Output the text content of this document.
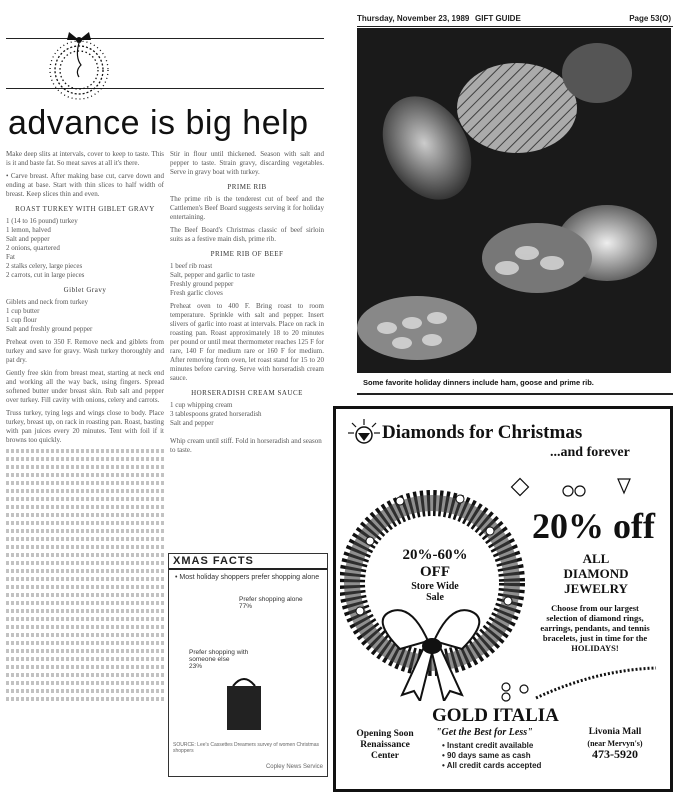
Thursday, November 23, 1989 GIFT GUIDE	Page 53(O)
advance is big help

Make deep slits at intervals, cover to keep to taste. This is it and baste fat. So meat saves at all it's there.

• Carve breast. After making base cut, carve down and ending at base. Start with thin slices to half width of breast. Keep slices thin and even.

ROAST TURKEY WITH GIBLET GRAVY

1 (14 to 16 pound) turkey
1 lemon, halved
Salt and pepper
2 onions, quartered
Fat
2 stalks celery, large pieces
2 carrots, cut in large pieces

Giblet Gravy

Giblets and neck from turkey
1 cup butter
1 cup flour
Salt and freshly ground pepper

Preheat oven to 350 F. Remove neck and giblets from turkey and save for gravy. Wash turkey thoroughly and pat dry.

Gently free skin from breast meat, starting at neck end and working all the way back, using fingers. Spread softened butter under breast skin. Rub salt and pepper over turkey. Fill cavity with onions, celery and carrots.

Truss turkey, tying legs and wings close to body. Place turkey, breast up, on rack in roasting pan. Roast, basting with pan juices every 20 minutes. Tent with foil if it browns too quickly.

Stir in flour until thickened. Season with salt and pepper to taste. Strain gravy, discarding vegetables. Serve in gravy boat with turkey.

PRIME RIB

The prime rib is the tenderest cut of beef and the Cattlemen's Beef Board suggests serving it for holiday entertaining.

The Beef Board's Christmas classic of beef sirloin suits as a festive main dish, prime rib.

PRIME RIB OF BEEF

1 beef rib roast
Salt, pepper and garlic to taste
Freshly ground pepper
Fresh garlic cloves

Preheat oven to 400 F. Bring roast to room temperature. Sprinkle with salt and pepper. Insert slivers of garlic into roast at intervals. Place on rack in roasting pan. Roast approximately 18 to 20 minutes per pound or until meat thermometer reaches 125 F for rare, 140 F for medium rare or 160 F for medium. After removing from oven, let roast stand for 15 to 20 minutes before carving. Serve with horseradish cream sauce.

HORSERADISH CREAM SAUCE

1 cup whipping cream
3 tablespoons grated horseradish
Salt and pepper

Whip cream until stiff. Fold in horseradish and season to taste.

XMAS FACTS
• Most holiday shoppers prefer shopping alone
Prefer shopping alone
77%
Prefer shopping with someone else
23%
SOURCE: Lee's Cassettes Dreamers survey of women Christmas shoppers
Copley News Service
Some favorite holiday dinners include ham, goose and prime rib.
Diamonds for Christmas
...and forever
20%-60%
OFF
Store Wide
Sale
20% off
ALL
DIAMOND
JEWELRY
Choose from our largest selection of diamond rings, earrings, pendants, and tennis bracelets, just in time for the HOLIDAYS!
GOLD ITALIA
"Get the Best for Less"
• Instant credit available
• 90 days same as cash
• All credit cards accepted
Opening Soon
Renaissance
Center
Livonia Mall
(near Mervyn's)
473-5920
